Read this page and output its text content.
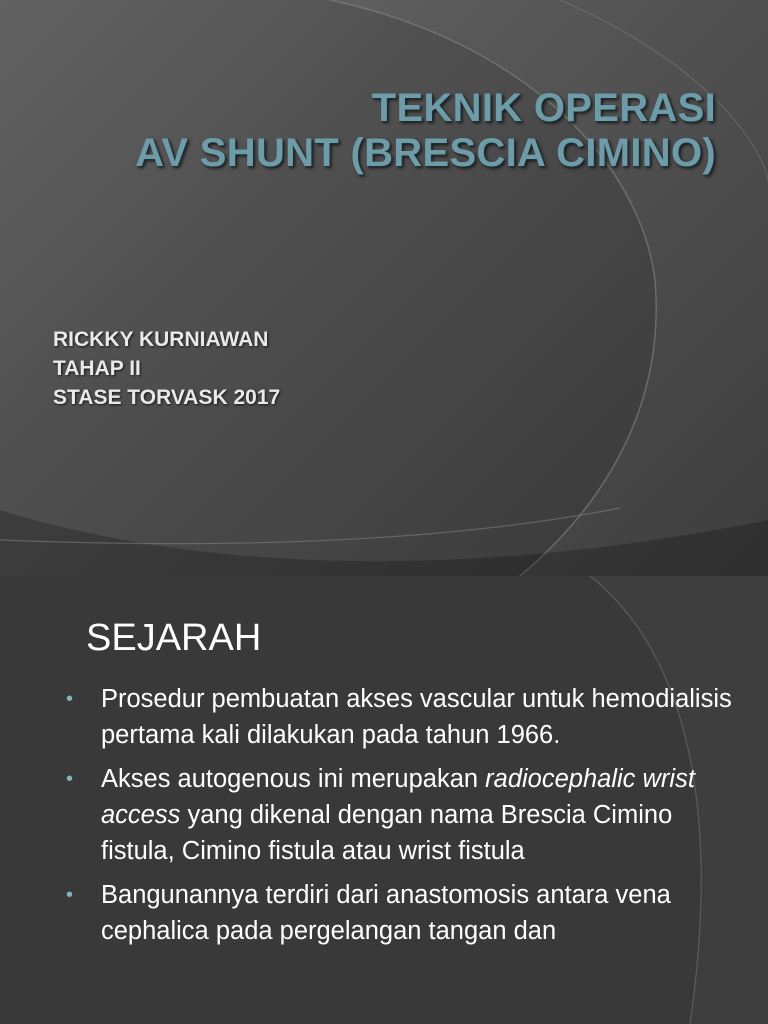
TEKNIK OPERASI
AV SHUNT (BRESCIA CIMINO)
RICKKY KURNIAWAN
TAHAP II
STASE TORVASK 2017
SEJARAH
• Prosedur pembuatan akses vascular untuk hemodialisis pertama kali dilakukan pada tahun 1966.
• Akses autogenous ini merupakan radiocephalic wrist access yang dikenal dengan nama Brescia Cimino fistula, Cimino fistula atau wrist fistula
• Bangunannya terdiri dari anastomosis antara vena cephalica pada pergelangan tangan dan
